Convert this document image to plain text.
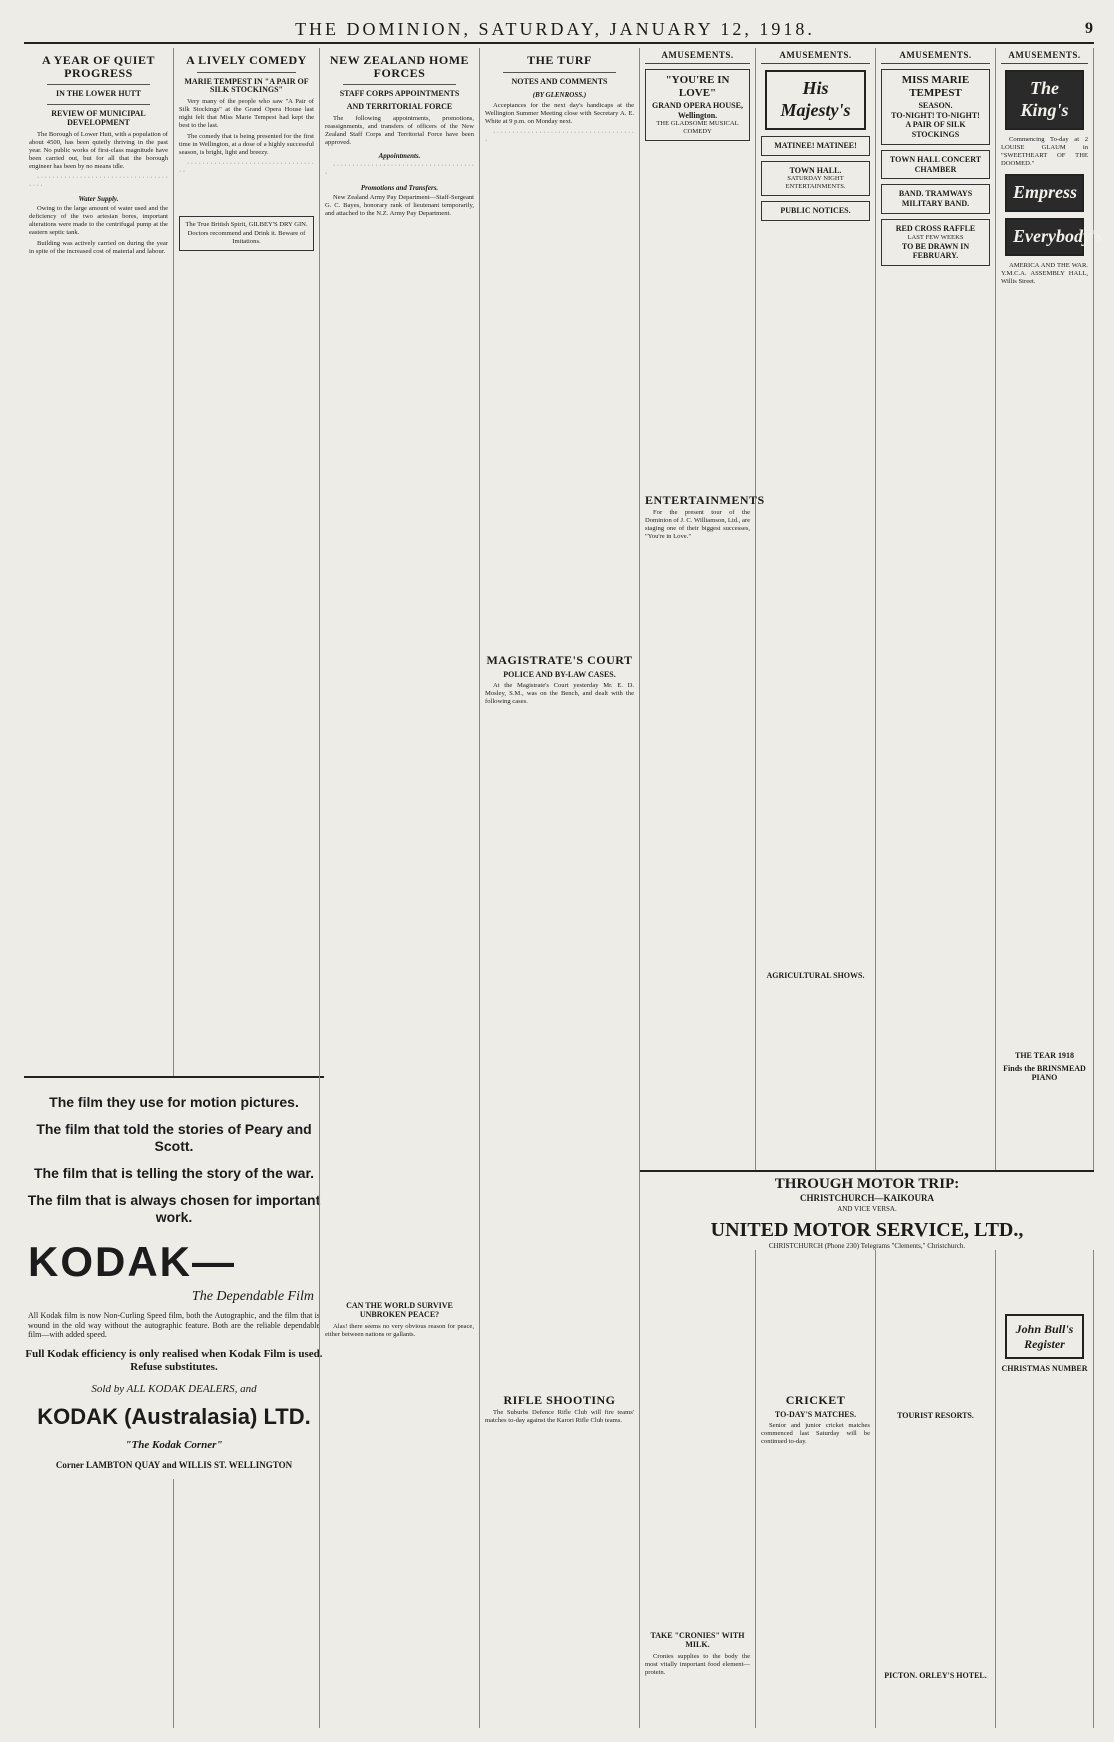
THE DOMINION, SATURDAY, JANUARY 12, 1918.	9
A YEAR OF QUIET PROGRESS
IN THE LOWER HUTT
REVIEW OF MUNICIPAL DEVELOPMENT

The Borough of Lower Hutt, with a population of about 4500, has been quietly thriving in the past year. No public works of first-class magnitude have been carried out, but for all that the borough engineer has been by no means idle.

· · · · · · · · · · · · · · · · · · · · · · · · · · · · · · · · · · · · · ·

Water Supply.

Owing to the large amount of water used and the deficiency of the two artesian bores, important alterations were made to the centrifugal pump at the eastern septic tank.

Building was actively carried on during the year in spite of the increased cost of material and labour.

The film they use for motion pictures.
The film that told the stories of Peary and Scott.
The film that is telling the story of the war.
The film that is always chosen for important work.
KODAK—
The Dependable Film
All Kodak film is now Non-Curling Speed film, both the Autographic, and the film that is wound in the old way without the autographic feature. Both are the reliable dependable film—with added speed.
Full Kodak efficiency is only realised when Kodak Film is used. Refuse substitutes.
Sold by ALL KODAK DEALERS, and
KODAK (Australasia) LTD.
"The Kodak Corner"
Corner LAMBTON QUAY and WILLIS ST. WELLINGTON
A LIVELY COMEDY
MARIE TEMPEST IN "A PAIR OF SILK STOCKINGS"

Very many of the people who saw "A Pair of Silk Stockings" at the Grand Opera House last night felt that Miss Marie Tempest had kept the best to the last.

The comedy that is being presented for the first time in Wellington, at a dose of a highly successful season, is bright, light and breezy.

· · · · · · · · · · · · · · · · · · · · · · · · · · · · · · · · · · ·

The True British Spirit, GILBEY'S DRY GIN. Doctors recommend and Drink it. Beware of Imitations.
NEW ZEALAND HOME FORCES
STAFF CORPS APPOINTMENTS
AND TERRITORIAL FORCE

The following appointments, promotions, reassignments, and transfers of officers of the New Zealand Staff Corps and Territorial Force have been approved.

Appointments.

· · · · · · · · · · · · · · · · · · · · · · · · · · · · · · · · · · · · · ·

Promotions and Transfers.

New Zealand Army Pay Department—Staff-Sergeant G. C. Bayes, honorary rank of lieutenant temporarily, and attached to the N.Z. Army Pay Department.

CAN THE WORLD SURVIVE UNBROKEN PEACE?

Alas! there seems no very obvious reason for peace, either between nations or gallants.

THE TURF
NOTES AND COMMENTS
(BY GLENROSS.)

Acceptances for the next day's handicaps at the Wellington Summer Meeting close with Secretary A. E. White at 9 p.m. on Monday next.

· · · · · · · · · · · · · · · · · · · · · · · · · · · · · · · · · · · · · ·

MAGISTRATE'S COURT
POLICE AND BY-LAW CASES.

At the Magistrate's Court yesterday Mr. E. D. Mosley, S.M., was on the Bench, and dealt with the following cases.

RIFLE SHOOTING

The Suburbs Defence Rifle Club will fire teams' matches to-day against the Karori Rifle Club teams.

AMUSEMENTS.
"YOU'RE IN LOVE"
GRAND OPERA HOUSE, Wellington.
THE GLADSOME MUSICAL COMEDY
ENTERTAINMENTS

For the present tour of the Dominion of J. C. Williamson, Ltd., are staging one of their biggest successes, "You're in Love."

TAKE "CRONIES" WITH MILK.

Cronies supplies to the body the most vitally important food element—protein.

AMUSEMENTS.
His Majesty's
MATINEE! MATINEE!
TOWN HALL.
SATURDAY NIGHT ENTERTAINMENTS.
PUBLIC NOTICES.
AGRICULTURAL SHOWS.
CRICKET
TO-DAY'S MATCHES.

Senior and junior cricket matches commenced last Saturday will be continued to-day.

AMUSEMENTS.
MISS MARIE TEMPEST
SEASON.
TO-NIGHT! TO-NIGHT!
A PAIR OF SILK STOCKINGS
TOWN HALL CONCERT CHAMBER
BAND. TRAMWAYS MILITARY BAND.
RED CROSS RAFFLE
LAST FEW WEEKS
TO BE DRAWN IN FEBRUARY.
TOURIST RESORTS.
PICTON. ORLEY'S HOTEL.
AMUSEMENTS.
The King's

Commencing To-day at 2 LOUISE GLAUM in "SWEETHEART OF THE DOOMED."

Empress
Everybody's

AMERICA AND THE WAR. Y.M.C.A. ASSEMBLY HALL, Willis Street.

THE TEAR 1918
Finds the BRINSMEAD PIANO
John Bull's Register
CHRISTMAS NUMBER
THROUGH MOTOR TRIP:
CHRISTCHURCH—KAIKOURA
AND VICE VERSA.
UNITED MOTOR SERVICE, LTD.,
CHRISTCHURCH (Phone 230) Telegrams "Clements," Christchurch.
